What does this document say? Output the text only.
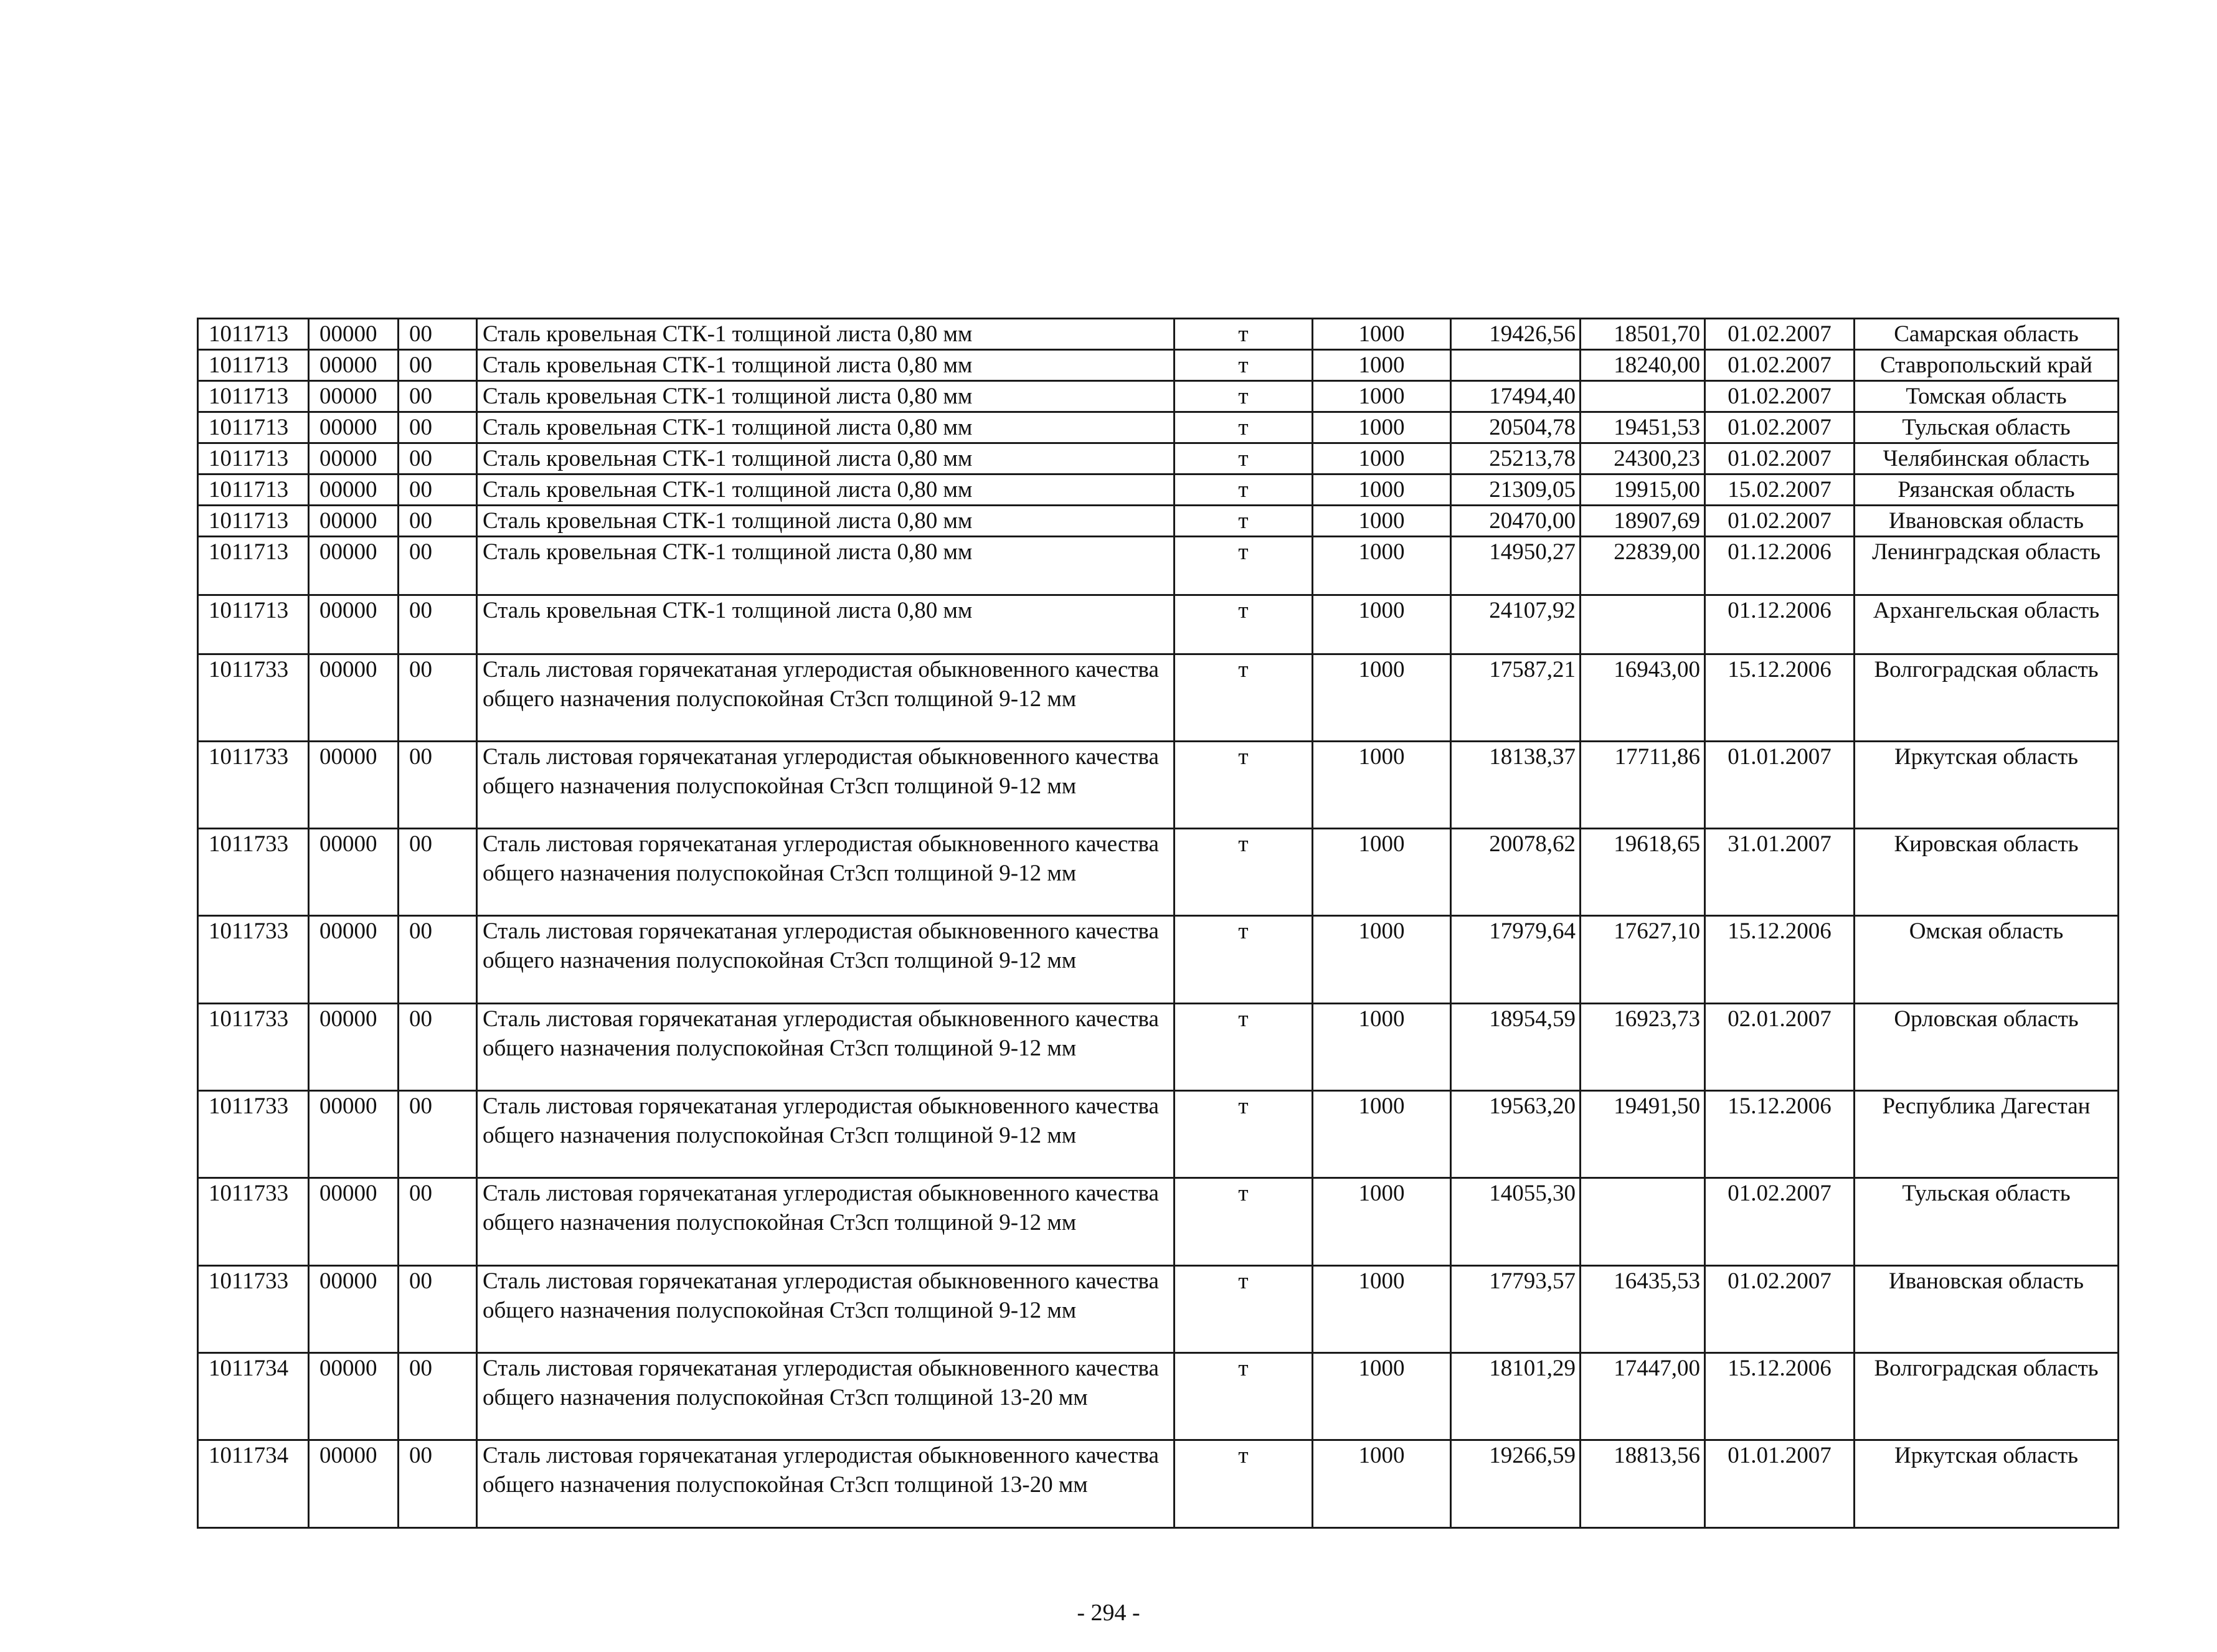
1011713	00000	00	Сталь кровельная СТК-1 толщиной листа 0,80 мм	т	1000	19426,56	18501,70	01.02.2007	Самарская область
1011713	00000	00	Сталь кровельная СТК-1 толщиной листа 0,80 мм	т	1000		18240,00	01.02.2007	Ставропольский край
1011713	00000	00	Сталь кровельная СТК-1 толщиной листа 0,80 мм	т	1000	17494,40		01.02.2007	Томская область
1011713	00000	00	Сталь кровельная СТК-1 толщиной листа 0,80 мм	т	1000	20504,78	19451,53	01.02.2007	Тульская область
1011713	00000	00	Сталь кровельная СТК-1 толщиной листа 0,80 мм	т	1000	25213,78	24300,23	01.02.2007	Челябинская область
1011713	00000	00	Сталь кровельная СТК-1 толщиной листа 0,80 мм	т	1000	21309,05	19915,00	15.02.2007	Рязанская область
1011713	00000	00	Сталь кровельная СТК-1 толщиной листа 0,80 мм	т	1000	20470,00	18907,69	01.02.2007	Ивановская область
1011713	00000	00	Сталь кровельная СТК-1 толщиной листа 0,80 мм	т	1000	14950,27	22839,00	01.12.2006	Ленинградская область
1011713	00000	00	Сталь кровельная СТК-1 толщиной листа 0,80 мм	т	1000	24107,92		01.12.2006	Архангельская область
1011733	00000	00	Сталь листовая горячекатаная углеродистая обыкновенного качества общего назначения полуспокойная Ст3сп толщиной 9-12 мм	т	1000	17587,21	16943,00	15.12.2006	Волгоградская область
1011733	00000	00	Сталь листовая горячекатаная углеродистая обыкновенного качества общего назначения полуспокойная Ст3сп толщиной 9-12 мм	т	1000	18138,37	17711,86	01.01.2007	Иркутская область
1011733	00000	00	Сталь листовая горячекатаная углеродистая обыкновенного качества общего назначения полуспокойная Ст3сп толщиной 9-12 мм	т	1000	20078,62	19618,65	31.01.2007	Кировская область
1011733	00000	00	Сталь листовая горячекатаная углеродистая обыкновенного качества общего назначения полуспокойная Ст3сп толщиной 9-12 мм	т	1000	17979,64	17627,10	15.12.2006	Омская область
1011733	00000	00	Сталь листовая горячекатаная углеродистая обыкновенного качества общего назначения полуспокойная Ст3сп толщиной 9-12 мм	т	1000	18954,59	16923,73	02.01.2007	Орловская область
1011733	00000	00	Сталь листовая горячекатаная углеродистая обыкновенного качества общего назначения полуспокойная Ст3сп толщиной 9-12 мм	т	1000	19563,20	19491,50	15.12.2006	Республика Дагестан
1011733	00000	00	Сталь листовая горячекатаная углеродистая обыкновенного качества общего назначения полуспокойная Ст3сп толщиной 9-12 мм	т	1000	14055,30		01.02.2007	Тульская область
1011733	00000	00	Сталь листовая горячекатаная углеродистая обыкновенного качества общего назначения полуспокойная Ст3сп толщиной 9-12 мм	т	1000	17793,57	16435,53	01.02.2007	Ивановская область
1011734	00000	00	Сталь листовая горячекатаная углеродистая обыкновенного качества общего назначения полуспокойная Ст3сп толщиной 13-20 мм	т	1000	18101,29	17447,00	15.12.2006	Волгоградская область
1011734	00000	00	Сталь листовая горячекатаная углеродистая обыкновенного качества общего назначения полуспокойная Ст3сп толщиной 13-20 мм	т	1000	19266,59	18813,56	01.01.2007	Иркутская область
- 294 -
